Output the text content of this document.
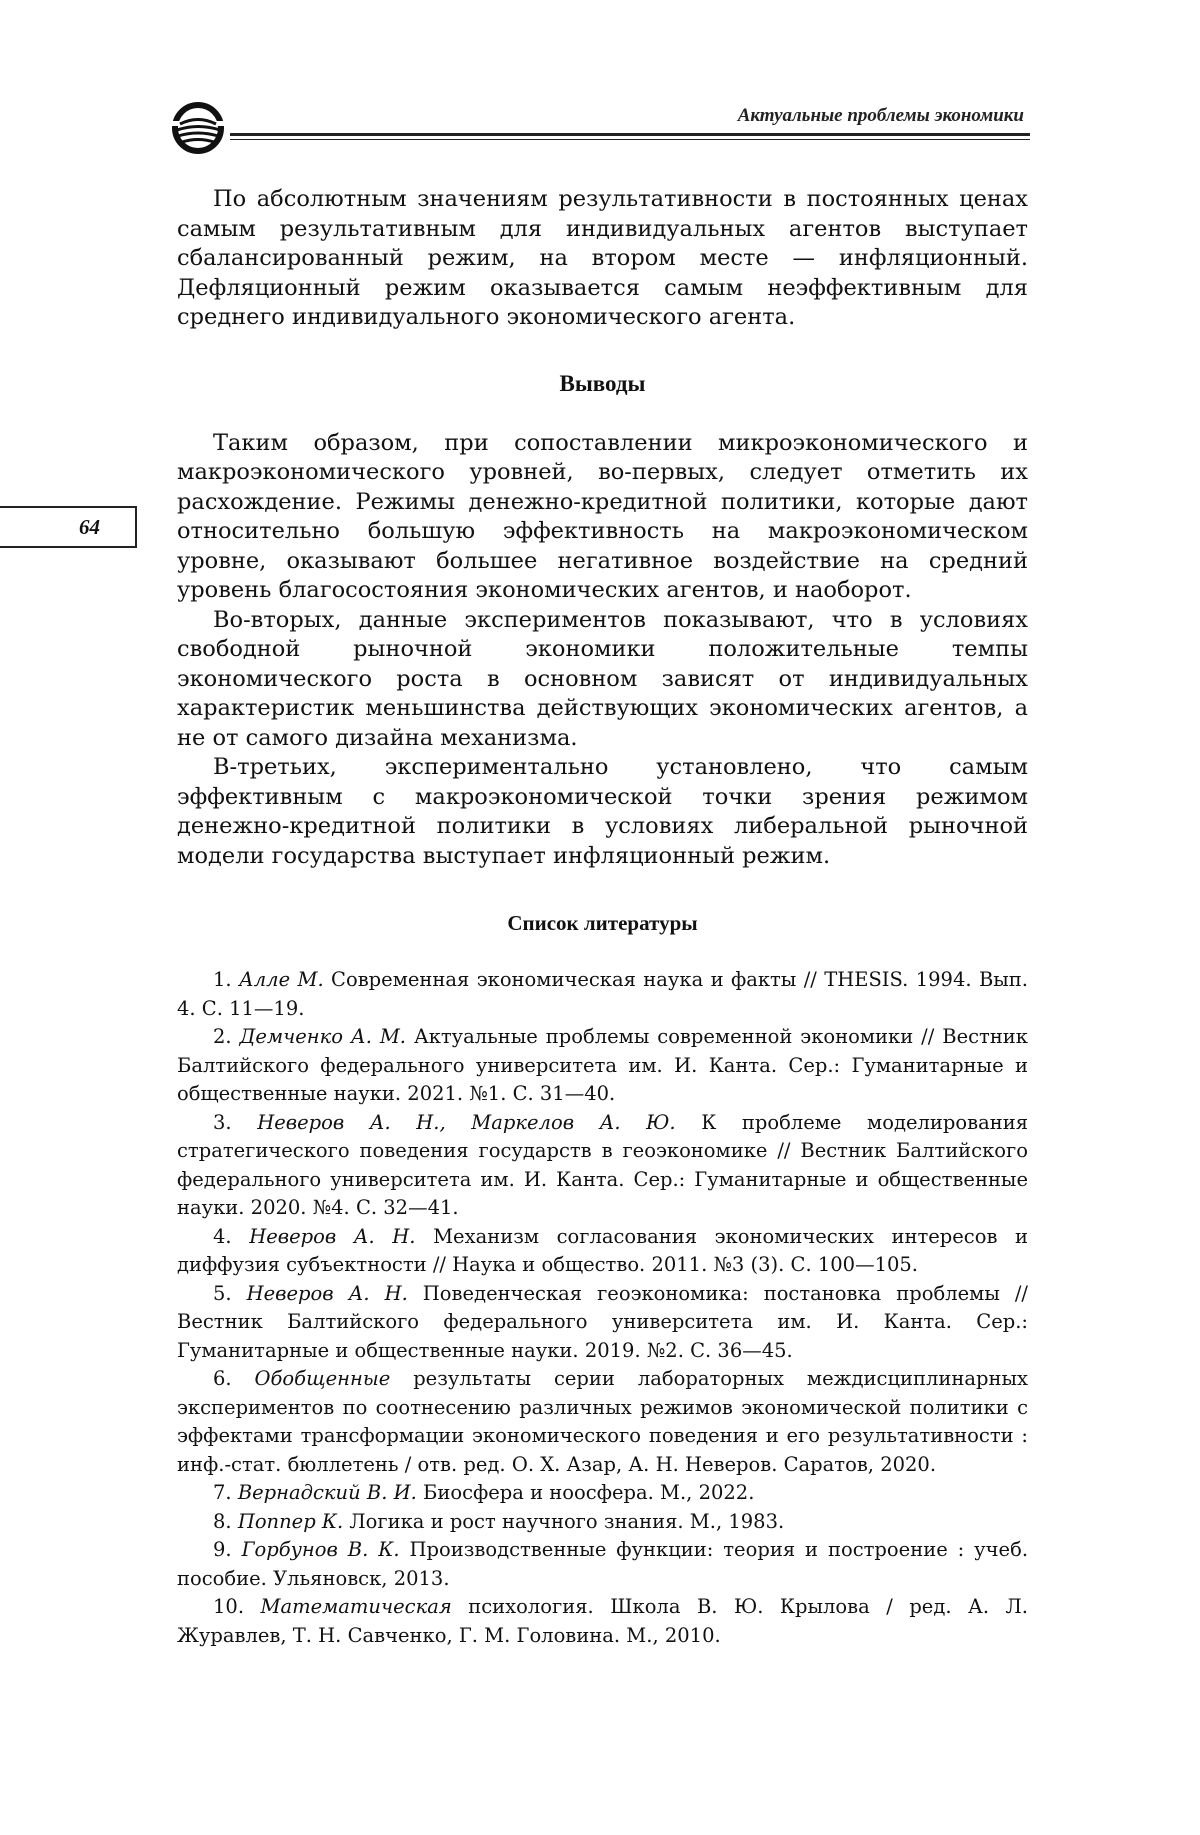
Актуальные проблемы экономики
64

По абсолютным значениям результативности в постоянных ценах самым результативным для индивидуальных агентов выступает сбалансированный режим, на втором месте — инфляционный. Дефляционный режим оказывается самым неэффективным для среднего индивидуального экономического агента.

Выводы

Таким образом, при сопоставлении микроэкономического и макроэкономического уровней, во-первых, следует отметить их расхождение. Режимы денежно-кредитной политики, которые дают относительно большую эффективность на макроэкономическом уровне, оказывают большее негативное воздействие на средний уровень благосостояния экономических агентов, и наоборот.

Во-вторых, данные экспериментов показывают, что в условиях свободной рыночной экономики положительные темпы экономического роста в основном зависят от индивидуальных характеристик меньшинства действующих экономических агентов, а не от самого дизайна механизма.

В-третьих, экспериментально установлено, что самым эффективным с макроэкономической точки зрения режимом денежно-кредитной политики в условиях либеральной рыночной модели государства выступает инфляционный режим.

Список литературы

1. Алле М. Современная экономическая наука и факты // THESIS. 1994. Вып. 4. С. 11—19.

2. Демченко А. М. Актуальные проблемы современной экономики // Вестник Балтийского федерального университета им. И. Канта. Сер.: Гуманитарные и общественные науки. 2021. №1. С. 31—40.

3. Неверов А. Н., Маркелов А. Ю. К проблеме моделирования стратегического поведения государств в геоэкономике // Вестник Балтийского федерального университета им. И. Канта. Сер.: Гуманитарные и общественные науки. 2020. №4. С. 32—41.

4. Неверов А. Н. Механизм согласования экономических интересов и диффузия субъектности // Наука и общество. 2011. №3 (3). С. 100—105.

5. Неверов А. Н. Поведенческая геоэкономика: постановка проблемы // Вестник Балтийского федерального университета им. И. Канта. Сер.: Гуманитарные и общественные науки. 2019. №2. С. 36—45.

6. Обобщенные результаты серии лабораторных междисциплинарных экспериментов по соотнесению различных режимов экономической политики с эффектами трансформации экономического поведения и его результативности : инф.-стат. бюллетень / отв. ред. О. Х. Азар, А. Н. Неверов. Саратов, 2020.

7. Вернадский В. И. Биосфера и ноосфера. М., 2022.

8. Поппер К. Логика и рост научного знания. М., 1983.

9. Горбунов В. К. Производственные функции: теория и построение : учеб. пособие. Ульяновск, 2013.

10. Математическая психология. Школа В. Ю. Крылова / ред. А. Л. Журавлев, Т. Н. Савченко, Г. М. Головина. М., 2010.
